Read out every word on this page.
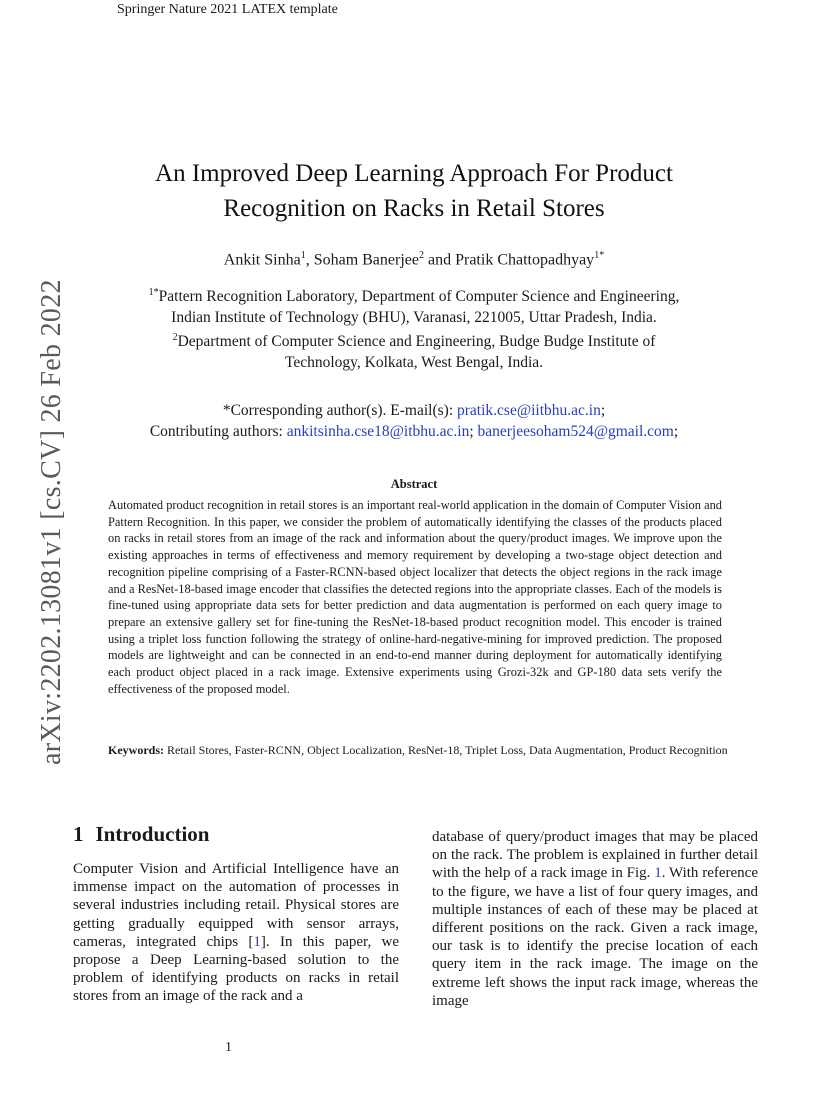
Springer Nature 2021 LATEX template
arXiv:2202.13081v1 [cs.CV] 26 Feb 2022
An Improved Deep Learning Approach For Product
Recognition on Racks in Retail Stores
Ankit Sinha$^1$, Soham Banerjee$^2$ and Pratik Chattopadhyay$^{1*}$
$^{1*}$Pattern Recognition Laboratory, Department of Computer Science and Engineering,
Indian Institute of Technology (BHU), Varanasi, 221005, Uttar Pradesh, India.
$^2$Department of Computer Science and Engineering, Budge Budge Institute of
Technology, Kolkata, West Bengal, India.
*Corresponding author(s). E-mail(s): pratik.cse@iitbhu.ac.in;
Contributing authors: ankitsinha.cse18@itbhu.ac.in; banerjeesoham524@gmail.com;
Abstract
Automated product recognition in retail stores is an important real-world application in the domain of Computer Vision and Pattern Recognition. In this paper, we consider the problem of automatically identifying the classes of the products placed on racks in retail stores from an image of the rack and information about the query/product images. We improve upon the existing approaches in terms of effectiveness and memory requirement by developing a two-stage object detection and recognition pipeline comprising of a Faster-RCNN-based object localizer that detects the object regions in the rack image and a ResNet-18-based image encoder that classifies the detected regions into the appropriate classes. Each of the models is fine-tuned using appropriate data sets for better prediction and data augmentation is performed on each query image to prepare an extensive gallery set for fine-tuning the ResNet-18-based product recognition model. This encoder is trained using a triplet loss function following the strategy of online-hard-negative-mining for improved prediction. The proposed models are lightweight and can be connected in an end-to-end manner during deployment for automatically identifying each product object placed in a rack image. Extensive experiments using Grozi-32k and GP-180 data sets verify the effectiveness of the proposed model.
Keywords: Retail Stores, Faster-RCNN, Object Localization, ResNet-18, Triplet Loss, Data Augmentation, Product Recognition
1 Introduction
Computer Vision and Artificial Intelligence have an immense impact on the automation of processes in several industries including retail. Physical stores are getting gradually equipped with sensor arrays, cameras, integrated chips [1]. In this paper, we propose a Deep Learning-based solution to the problem of identifying products on racks in retail stores from an image of the rack and a
database of query/product images that may be placed on the rack. The problem is explained in further detail with the help of a rack image in Fig. 1. With reference to the figure, we have a list of four query images, and multiple instances of each of these may be placed at different positions on the rack. Given a rack image, our task is to identify the precise location of each query item in the rack image. The image on the extreme left shows the input rack image, whereas the image
1
